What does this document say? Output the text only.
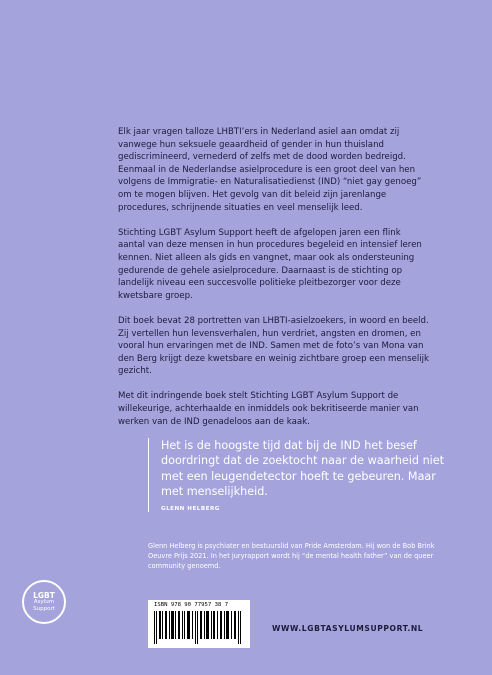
Elk jaar vragen talloze LHBTI’ers in Nederland asiel aan omdat zij vanwege hun seksuele geaardheid of gender in hun thuisland gediscrimineerd, vernederd of zelfs met de dood worden bedreigd. Eenmaal in de Nederlandse asielprocedure is een groot deel van hen volgens de Immigratie- en Naturalisatiedienst (IND) “niet gay genoeg” om te mogen blijven. Het gevolg van dit beleid zijn jarenlange procedures, schrijnende situaties en veel menselijk leed.

Stichting LGBT Asylum Support heeft de afgelopen jaren een flink aantal van deze mensen in hun procedures begeleid en intensief leren kennen. Niet alleen als gids en vangnet, maar ook als ondersteuning gedurende de gehele asielprocedure. Daarnaast is de stichting op landelijk niveau een succesvolle politieke pleitbezorger voor deze kwetsbare groep.

Dit boek bevat 28 portretten van LHBTI-asielzoekers, in woord en beeld. Zij vertellen hun levensverhalen, hun verdriet, angsten en dromen, en vooral hun ervaringen met de IND. Samen met de foto’s van Mona van den Berg krijgt deze kwetsbare en weinig zichtbare groep een menselijk gezicht.

Met dit indringende boek stelt Stichting LGBT Asylum Support de willekeurige, achterhaalde en inmiddels ook bekritiseerde manier van werken van de IND genadeloos aan de kaak.

Het is de hoogste tijd dat bij de IND het besef doordringt dat de zoektocht naar de waarheid niet met een leugendetector hoeft te gebeuren. Maar met menselijkheid.

GLENN HELBERG
Glenn Helberg is psychiater en bestuurslid van Pride Amsterdam. Hij won de Bob Brink Oeuvre Prijs 2021. In het juryrapport wordt hij “de mental health father” van de queer community genoemd.
LGBT
Asylum
Support
ISBN 978 90 77957 38 7
WWW.LGBTASYLUMSUPPORT.NL
